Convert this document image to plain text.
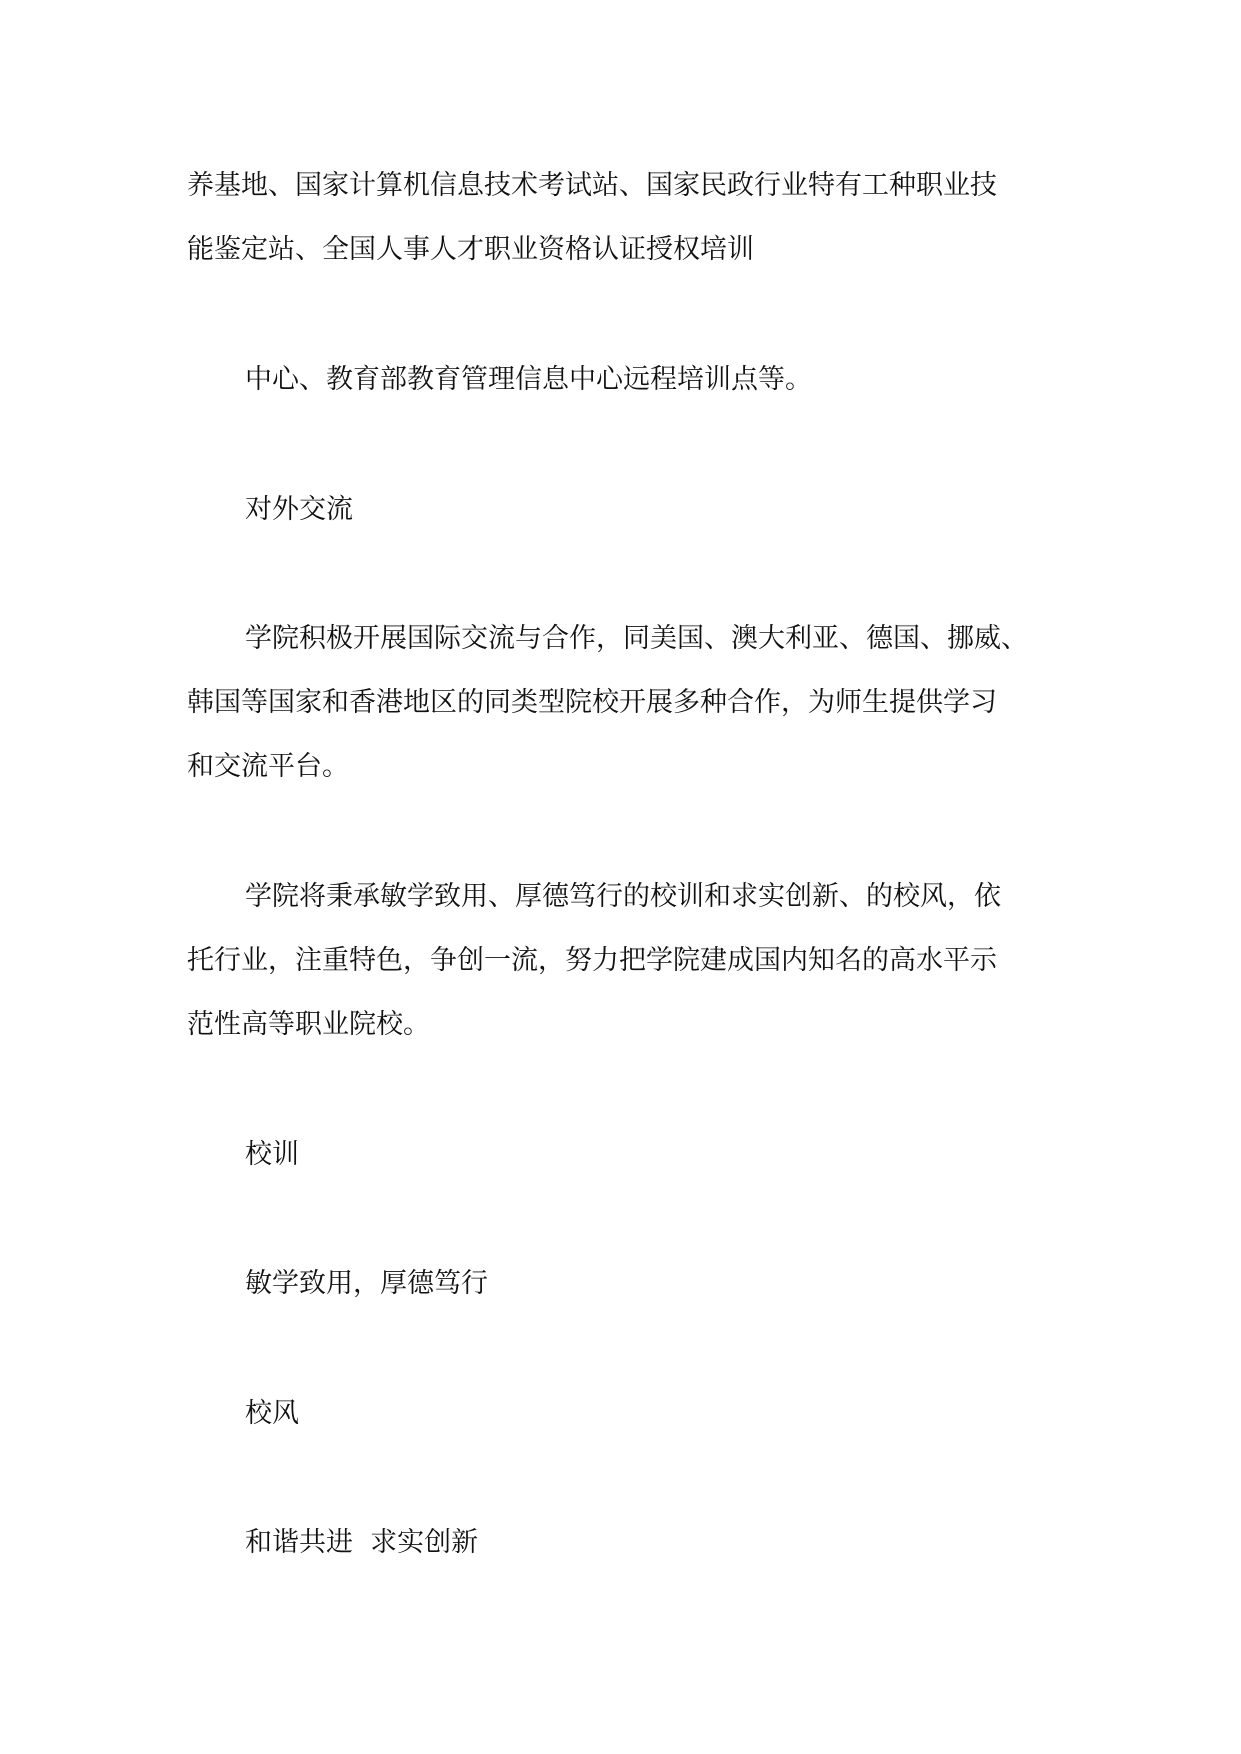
养基地、国家计算机信息技术考试站、国家民政行业特有工种职业技

能鉴定站、全国人事人才职业资格认证授权培训

中心、教育部教育管理信息中心远程培训点等。

对外交流

学院积极开展国际交流与合作，同美国、澳大利亚、德国、挪威、

韩国等国家和香港地区的同类型院校开展多种合作，为师生提供学习

和交流平台。

学院将秉承敏学致用、厚德笃行的校训和求实创新、的校风，依

托行业，注重特色，争创一流，努力把学院建成国内知名的高水平示

范性高等职业院校。

校训

敏学致用，厚德笃行

校风

和谐共进  求实创新
